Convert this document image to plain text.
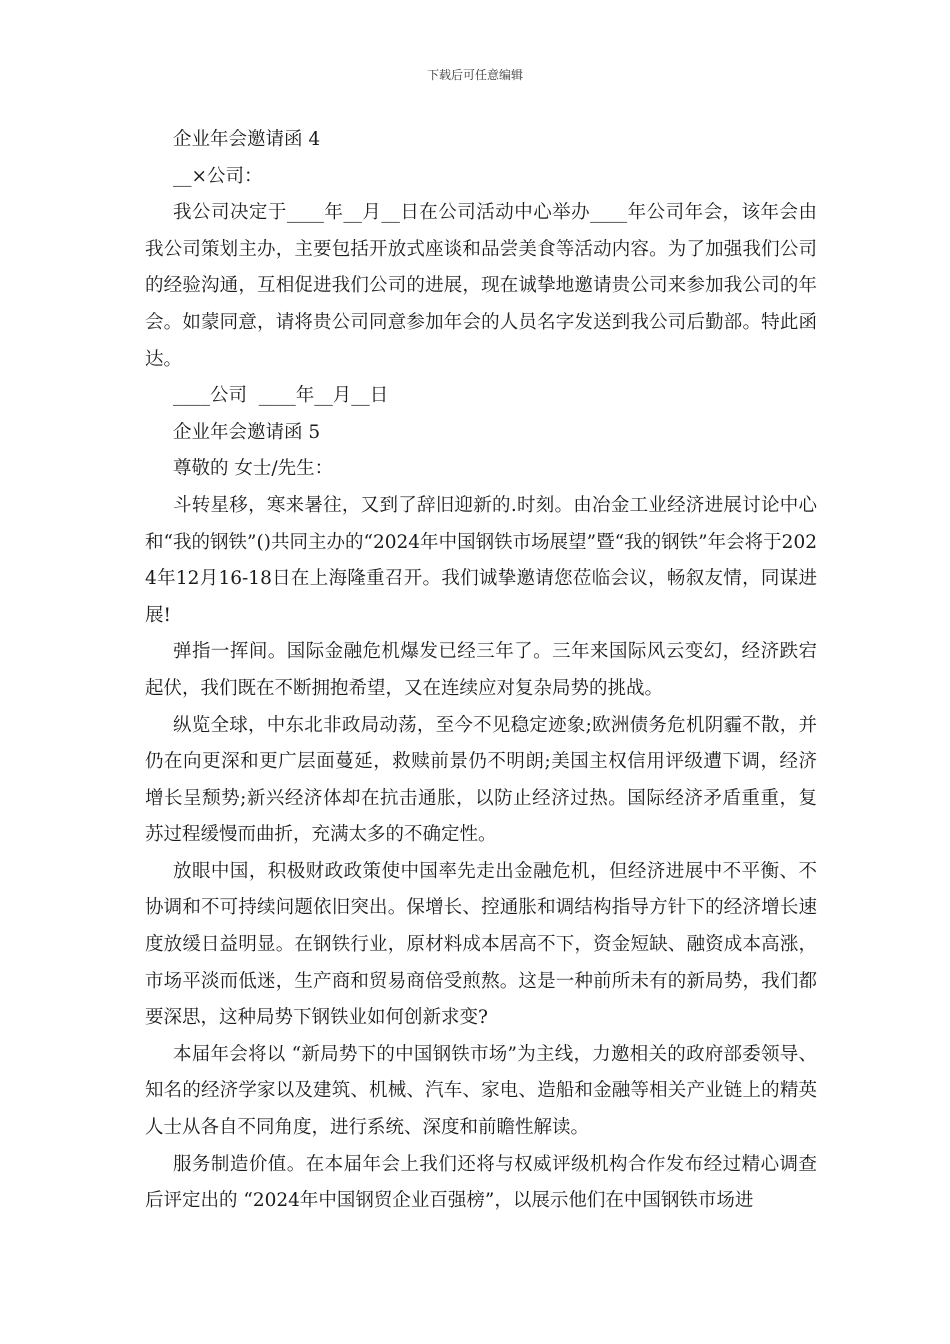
下载后可任意编辑
企业年会邀请函 4
__×公司：
我公司决定于____年__月__日在公司活动中心举办____年公司年会，该年会由我公司策划主办，主要包括开放式座谈和品尝美食等活动内容。为了加强我们公司的经验沟通，互相促进我们公司的进展，现在诚挚地邀请贵公司来参加我公司的年会。如蒙同意，请将贵公司同意参加年会的人员名字发送到我公司后勤部。特此函达。
____公司  ____年__月__日
企业年会邀请函 5
尊敬的 女士/先生：
斗转星移，寒来暑往，又到了辞旧迎新的.时刻。由冶金工业经济进展讨论中心和“我的钢铁”()共同主办的“2024年中国钢铁市场展望”暨“我的钢铁”年会将于2024年12月16-18日在上海隆重召开。我们诚挚邀请您莅临会议，畅叙友情，同谋进展!
弹指一挥间。国际金融危机爆发已经三年了。三年来国际风云变幻，经济跌宕起伏，我们既在不断拥抱希望，又在连续应对复杂局势的挑战。
纵览全球，中东北非政局动荡，至今不见稳定迹象;欧洲债务危机阴霾不散，并仍在向更深和更广层面蔓延，救赎前景仍不明朗;美国主权信用评级遭下调，经济增长呈颓势;新兴经济体却在抗击通胀，以防止经济过热。国际经济矛盾重重，复苏过程缓慢而曲折，充满太多的不确定性。
放眼中国，积极财政政策使中国率先走出金融危机，但经济进展中不平衡、不协调和不可持续问题依旧突出。保增长、控通胀和调结构指导方针下的经济增长速度放缓日益明显。在钢铁行业，原材料成本居高不下，资金短缺、融资成本高涨，市场平淡而低迷，生产商和贸易商倍受煎熬。这是一种前所未有的新局势，我们都要深思，这种局势下钢铁业如何创新求变?
本届年会将以 “新局势下的中国钢铁市场”为主线，力邀相关的政府部委领导、知名的经济学家以及建筑、机械、汽车、家电、造船和金融等相关产业链上的精英人士从各自不同角度，进行系统、深度和前瞻性解读。
服务制造价值。在本届年会上我们还将与权威评级机构合作发布经过精心调查后评定出的 “2024年中国钢贸企业百强榜”，以展示他们在中国钢铁市场进
